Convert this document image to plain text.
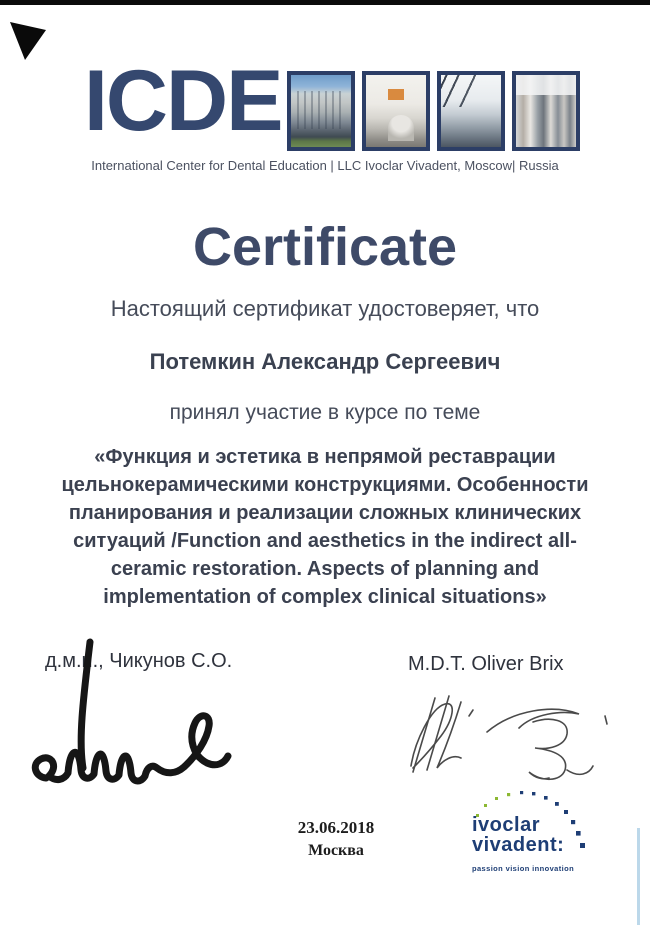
ICDE
International Center for Dental Education | LLC Ivoclar Vivadent, Moscow| Russia
Certificate
Настоящий сертификат удостоверяет, что
Потемкин Александр Сергеевич
принял участие в курсе по теме
«Функция и эстетика в непрямой реставрации
цельнокерамическими конструкциями. Особенности
планирования и реализации сложных клинических
ситуаций /Function and aesthetics in the indirect all-
ceramic restoration. Aspects of planning and
implementation of complex clinical situations»
д.м.н., Чикунов С.О.	M.D.T. Oliver Brix
23.06.2018
Москва
ivoclar
vivadent:
passion vision innovation
